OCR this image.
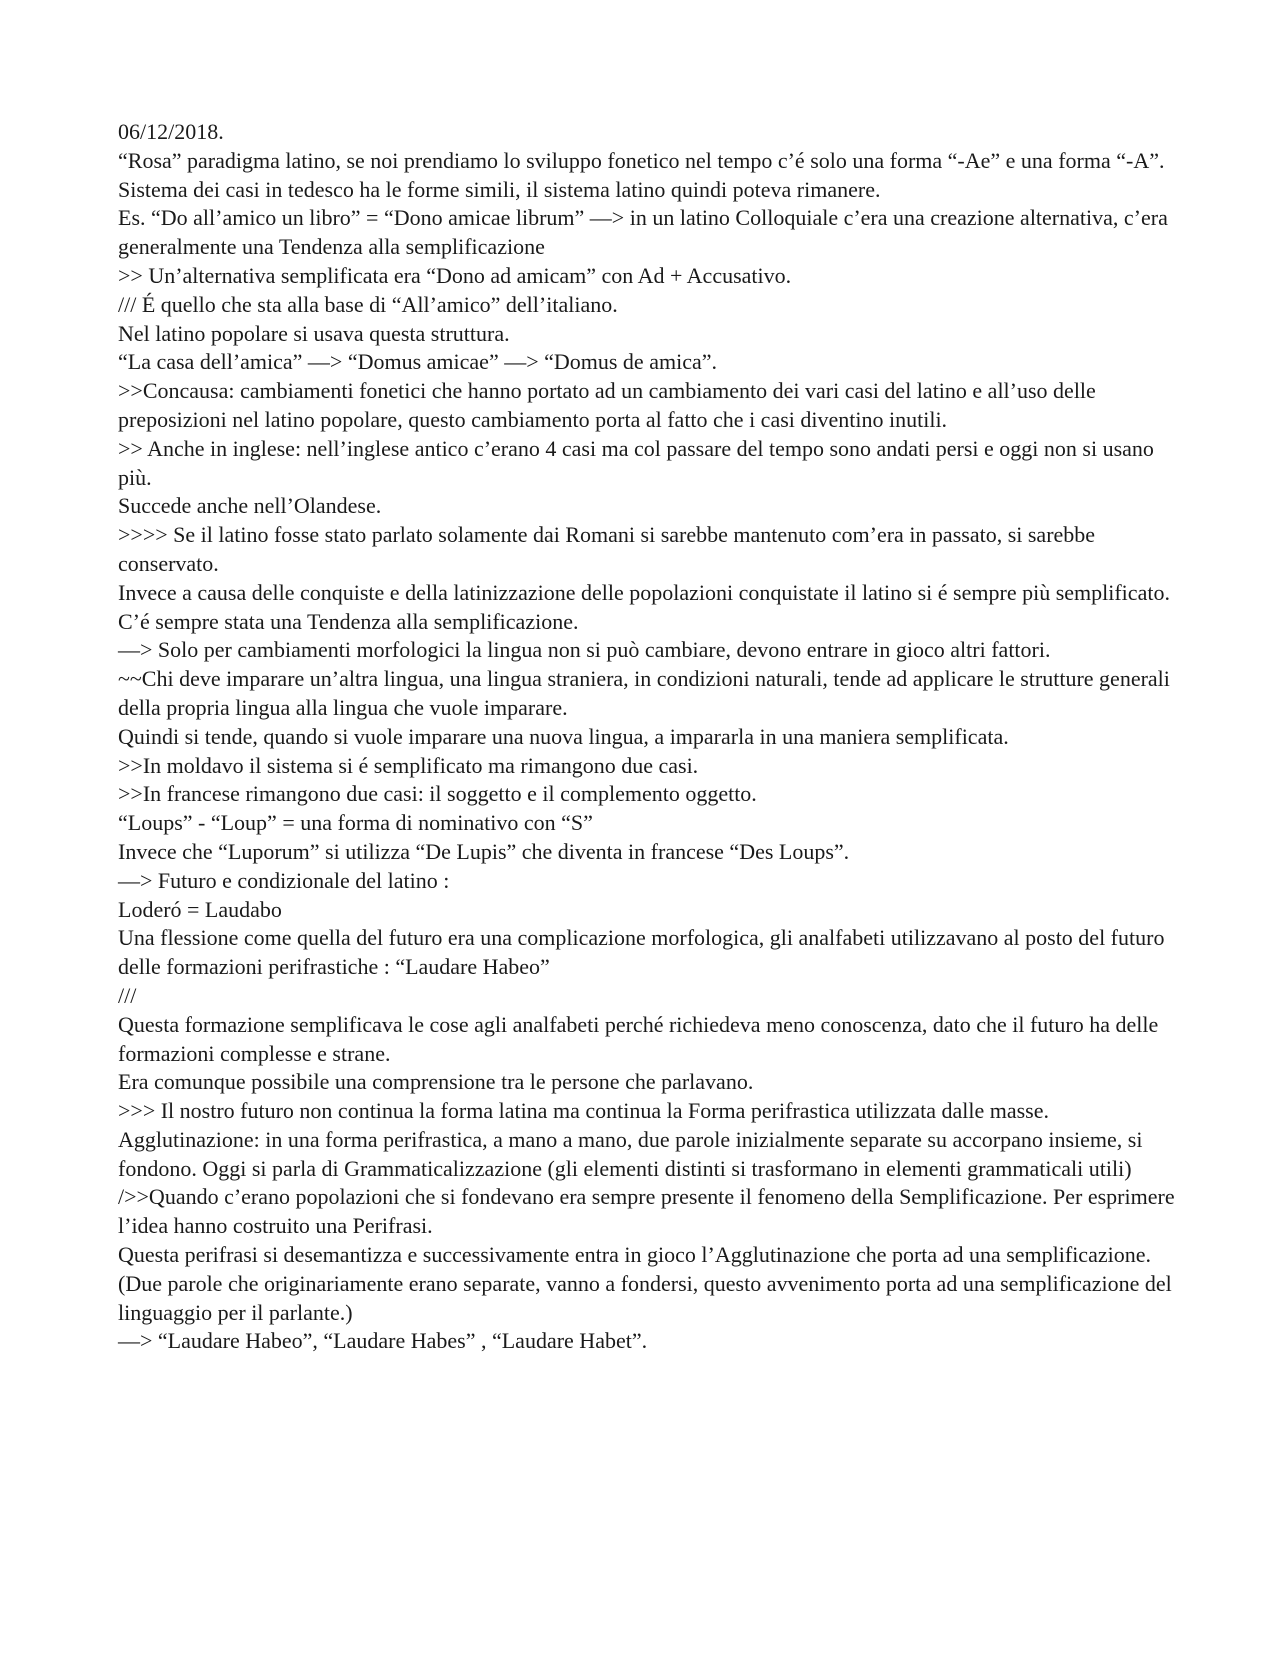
06/12/2018.

“Rosa” paradigma latino, se noi prendiamo lo sviluppo fonetico nel tempo c’é solo una forma “-Ae” e una forma “-A”.

Sistema dei casi in tedesco ha le forme simili, il sistema latino quindi poteva rimanere.

Es. “Do all’amico un libro” = “Dono amicae librum” —> in un latino Colloquiale c’era una creazione alternativa, c’era generalmente una Tendenza alla semplificazione

>> Un’alternativa semplificata era “Dono ad amicam” con Ad + Accusativo.

/// É quello che sta alla base di “All’amico” dell’italiano.

Nel latino popolare si usava questa struttura.

“La casa dell’amica” —> “Domus amicae” —> “Domus de amica”.

>>Concausa: cambiamenti fonetici che hanno portato ad un cambiamento dei vari casi del latino e all’uso delle preposizioni nel latino popolare, questo cambiamento porta al fatto che i casi diventino inutili.

>> Anche in inglese: nell’inglese antico c’erano 4 casi ma col passare del tempo sono andati persi e oggi non si usano più.

Succede anche nell’Olandese.

>>>> Se il latino fosse stato parlato solamente dai Romani si sarebbe mantenuto com’era in passato, si sarebbe conservato.

Invece a causa delle conquiste e della latinizzazione delle popolazioni conquistate il latino si é sempre più semplificato.

C’é sempre stata una Tendenza alla semplificazione.

—> Solo per cambiamenti morfologici la lingua non si può cambiare, devono entrare in gioco altri fattori.

~~Chi deve imparare un’altra lingua, una lingua straniera, in condizioni naturali, tende ad applicare le strutture generali della propria lingua alla lingua che vuole imparare.

Quindi si tende, quando si vuole imparare una nuova lingua, a impararla in una maniera semplificata.

>>In moldavo il sistema si é semplificato ma rimangono due casi.

>>In francese rimangono due casi: il soggetto e il complemento oggetto.

“Loups” - “Loup” = una forma di nominativo con “S”

Invece che “Luporum” si utilizza “De Lupis” che diventa in francese “Des Loups”.

—> Futuro e condizionale del latino :

Loderó = Laudabo

Una flessione come quella del futuro era una complicazione morfologica, gli analfabeti utilizzavano al posto del futuro delle formazioni perifrastiche : “Laudare Habeo”

///

Questa formazione semplificava le cose agli analfabeti perché richiedeva meno conoscenza, dato che il futuro ha delle formazioni complesse e strane.

Era comunque possibile una comprensione tra le persone che parlavano.

>>> Il nostro futuro non continua la forma latina ma continua la Forma perifrastica utilizzata dalle masse.

Agglutinazione: in una forma perifrastica, a mano a mano, due parole inizialmente separate su accorpano insieme, si fondono. Oggi si parla di Grammaticalizzazione (gli elementi distinti si trasformano in elementi grammaticali utili)

/>>Quando c’erano popolazioni che si fondevano era sempre presente il fenomeno della Semplificazione. Per esprimere l’idea hanno costruito una Perifrasi.

Questa perifrasi si desemantizza e successivamente entra in gioco l’Agglutinazione che porta ad una semplificazione. (Due parole che originariamente erano separate, vanno a fondersi, questo avvenimento porta ad una semplificazione del linguaggio per il parlante.)

—> “Laudare Habeo”, “Laudare Habes” , “Laudare Habet”.
